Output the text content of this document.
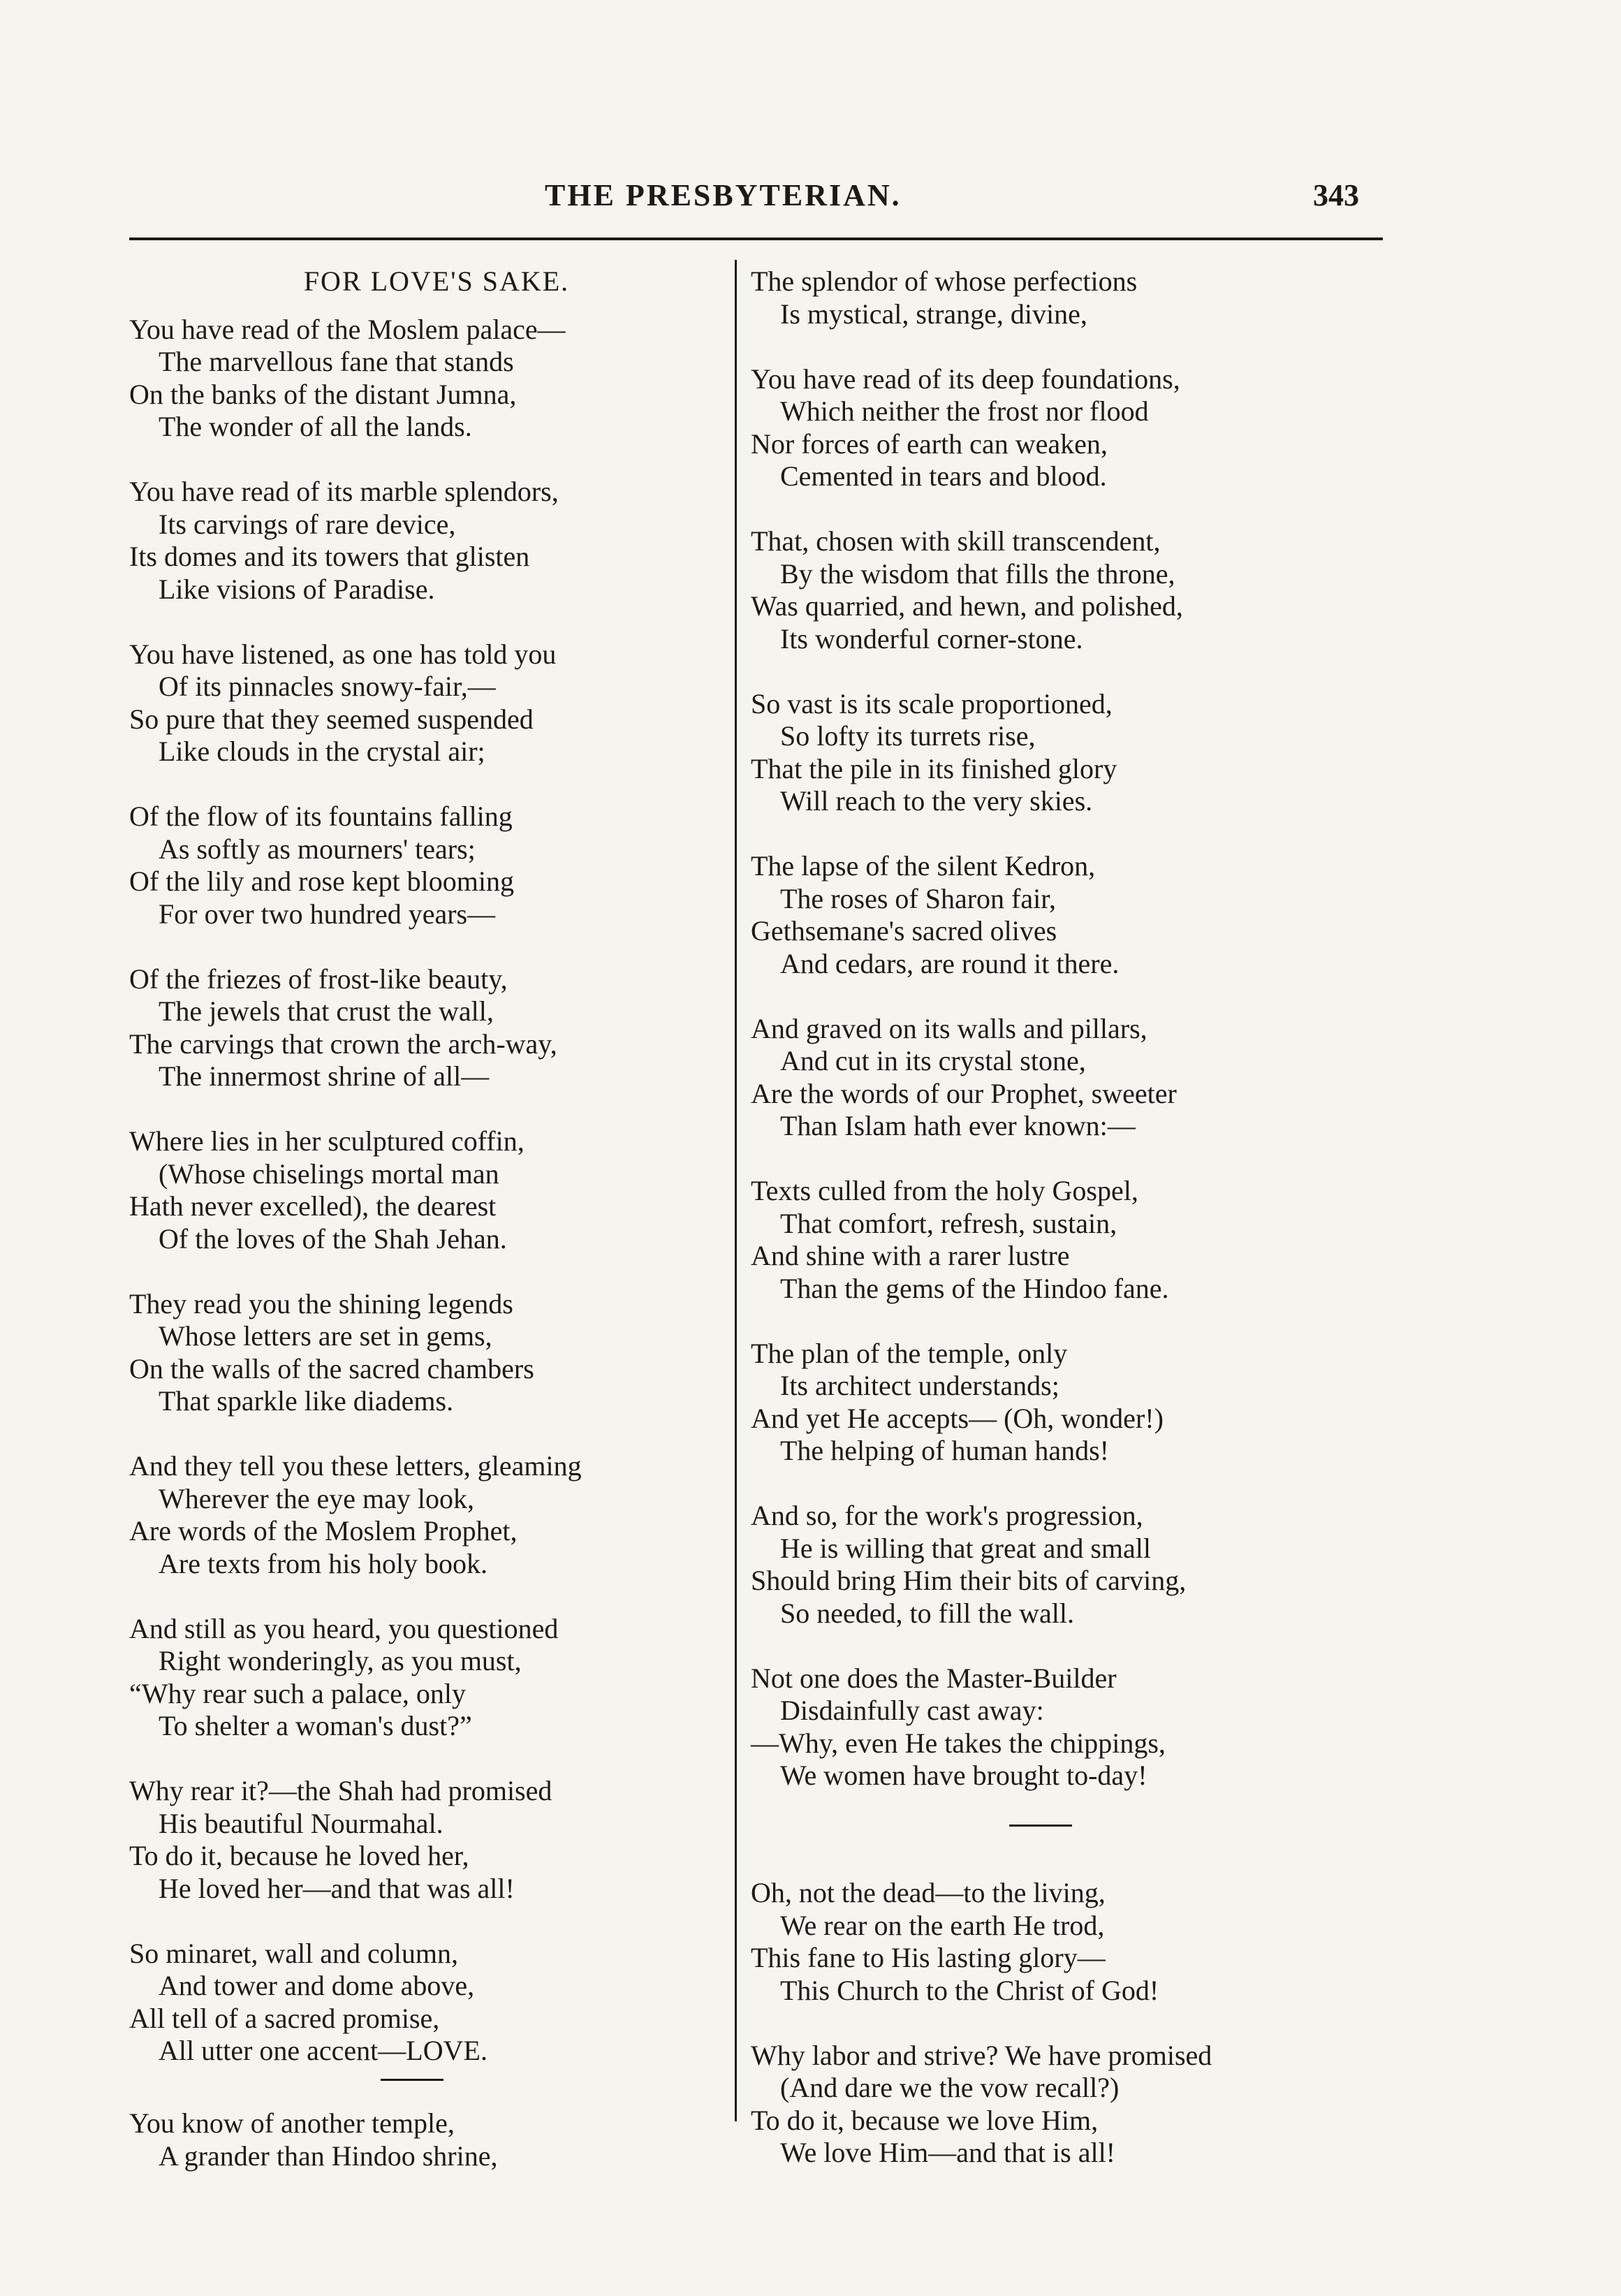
THE PRESBYTERIAN.	343
FOR LOVE'S SAKE.
You have read of the Moslem palace—
The marvellous fane that stands
On the banks of the distant Jumna,
The wonder of all the lands.
You have read of its marble splendors,
Its carvings of rare device,
Its domes and its towers that glisten
Like visions of Paradise.
You have listened, as one has told you
Of its pinnacles snowy-fair,—
So pure that they seemed suspended
Like clouds in the crystal air;
Of the flow of its fountains falling
As softly as mourners' tears;
Of the lily and rose kept blooming
For over two hundred years—
Of the friezes of frost-like beauty,
The jewels that crust the wall,
The carvings that crown the arch-way,
The innermost shrine of all—
Where lies in her sculptured coffin,
(Whose chiselings mortal man
Hath never excelled), the dearest
Of the loves of the Shah Jehan.
They read you the shining legends
Whose letters are set in gems,
On the walls of the sacred chambers
That sparkle like diadems.
And they tell you these letters, gleaming
Wherever the eye may look,
Are words of the Moslem Prophet,
Are texts from his holy book.
And still as you heard, you questioned
Right wonderingly, as you must,
“Why rear such a palace, only
To shelter a woman's dust?”
Why rear it?—the Shah had promised
His beautiful Nourmahal.
To do it, because he loved her,
He loved her—and that was all!
So minaret, wall and column,
And tower and dome above,
All tell of a sacred promise,
All utter one accent—LOVE.
You know of another temple,
A grander than Hindoo shrine,
The splendor of whose perfections
Is mystical, strange, divine,
You have read of its deep foundations,
Which neither the frost nor flood
Nor forces of earth can weaken,
Cemented in tears and blood.
That, chosen with skill transcendent,
By the wisdom that fills the throne,
Was quarried, and hewn, and polished,
Its wonderful corner-stone.
So vast is its scale proportioned,
So lofty its turrets rise,
That the pile in its finished glory
Will reach to the very skies.
The lapse of the silent Kedron,
The roses of Sharon fair,
Gethsemane's sacred olives
And cedars, are round it there.
And graved on its walls and pillars,
And cut in its crystal stone,
Are the words of our Prophet, sweeter
Than Islam hath ever known:—
Texts culled from the holy Gospel,
That comfort, refresh, sustain,
And shine with a rarer lustre
Than the gems of the Hindoo fane.
The plan of the temple, only
Its architect understands;
And yet He accepts— (Oh, wonder!)
The helping of human hands!
And so, for the work's progression,
He is willing that great and small
Should bring Him their bits of carving,
So needed, to fill the wall.
Not one does the Master-Builder
Disdainfully cast away:
—Why, even He takes the chippings,
We women have brought to-day!
Oh, not the dead—to the living,
We rear on the earth He trod,
This fane to His lasting glory—
This Church to the Christ of God!
Why labor and strive? We have promised
(And dare we the vow recall?)
To do it, because we love Him,
We love Him—and that is all!
